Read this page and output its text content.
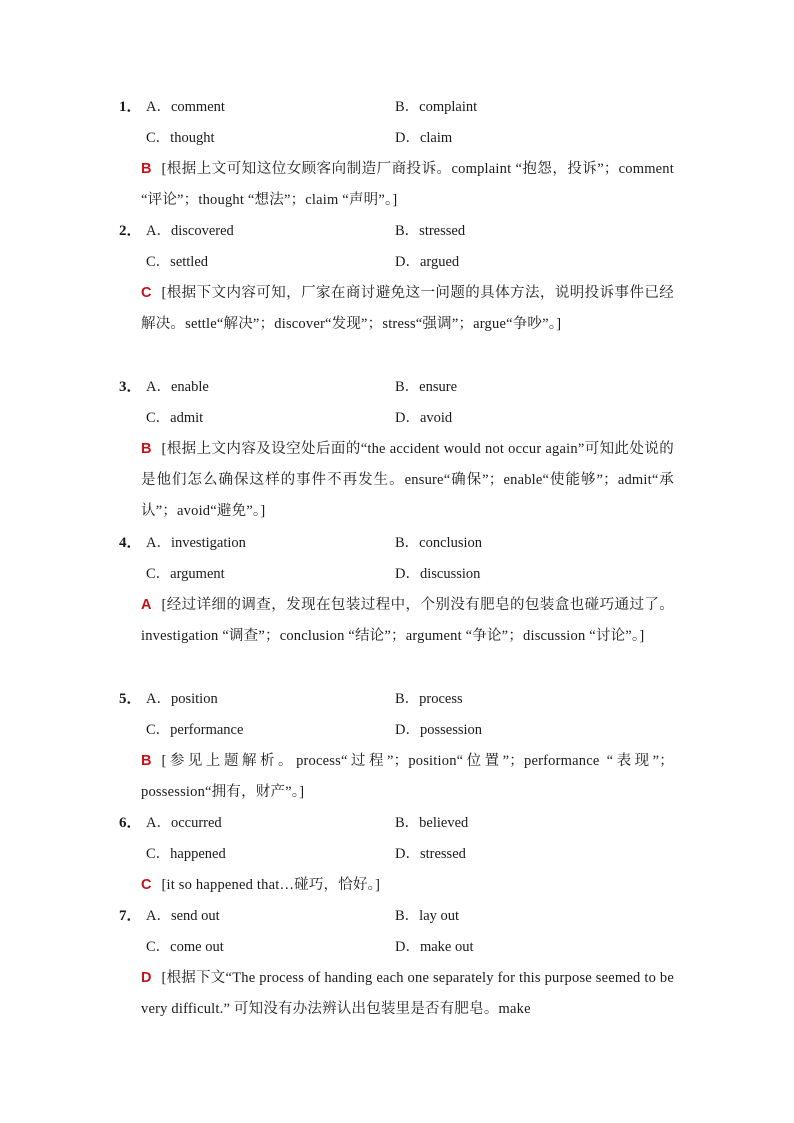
1． A．comment	B．complaint
C．thought	D．claim
B [根据上文可知这位女顾客向制造厂商投诉。complaint “抱怨，投诉”；comment “评论”；thought “想法”；claim “声明”。]
2． A．discovered	B．stressed
C．settled	D．argued
C [根据下文内容可知，厂家在商讨避免这一问题的具体方法，说明投诉事件已经解决。settle“解决”；discover“发现”；stress“强调”；argue“争吵”。]
3． A．enable	B．ensure
C．admit	D．avoid
B [根据上文内容及设空处后面的“the accident would not occur again”可知此处说的是他们怎么确保这样的事件不再发生。ensure“确保”；enable“使能够”；admit“承认”；avoid“避免”。]
4． A．investigation	B．conclusion
C．argument	D．discussion
A [经过详细的调查，发现在包装过程中，个别没有肥皂的包装盒也碰巧通过了。investigation “调查”；conclusion “结论”；argument “争论”；discussion “讨论”。]
5． A．position	B．process
C．performance	D．possession
B [参见上题解析。process“过程”；position“位置”；performance “表现”；possession“拥有，财产”。]
6． A．occurred	B．believed
C．happened	D．stressed
C [it so happened that…碰巧，恰好。]
7． A．send out	B．lay out
C．come out	D．make out
D [根据下文“The process of handing each one separately for this purpose seemed to be very difficult.” 可知没有办法辨认出包装里是否有肥皂。make
